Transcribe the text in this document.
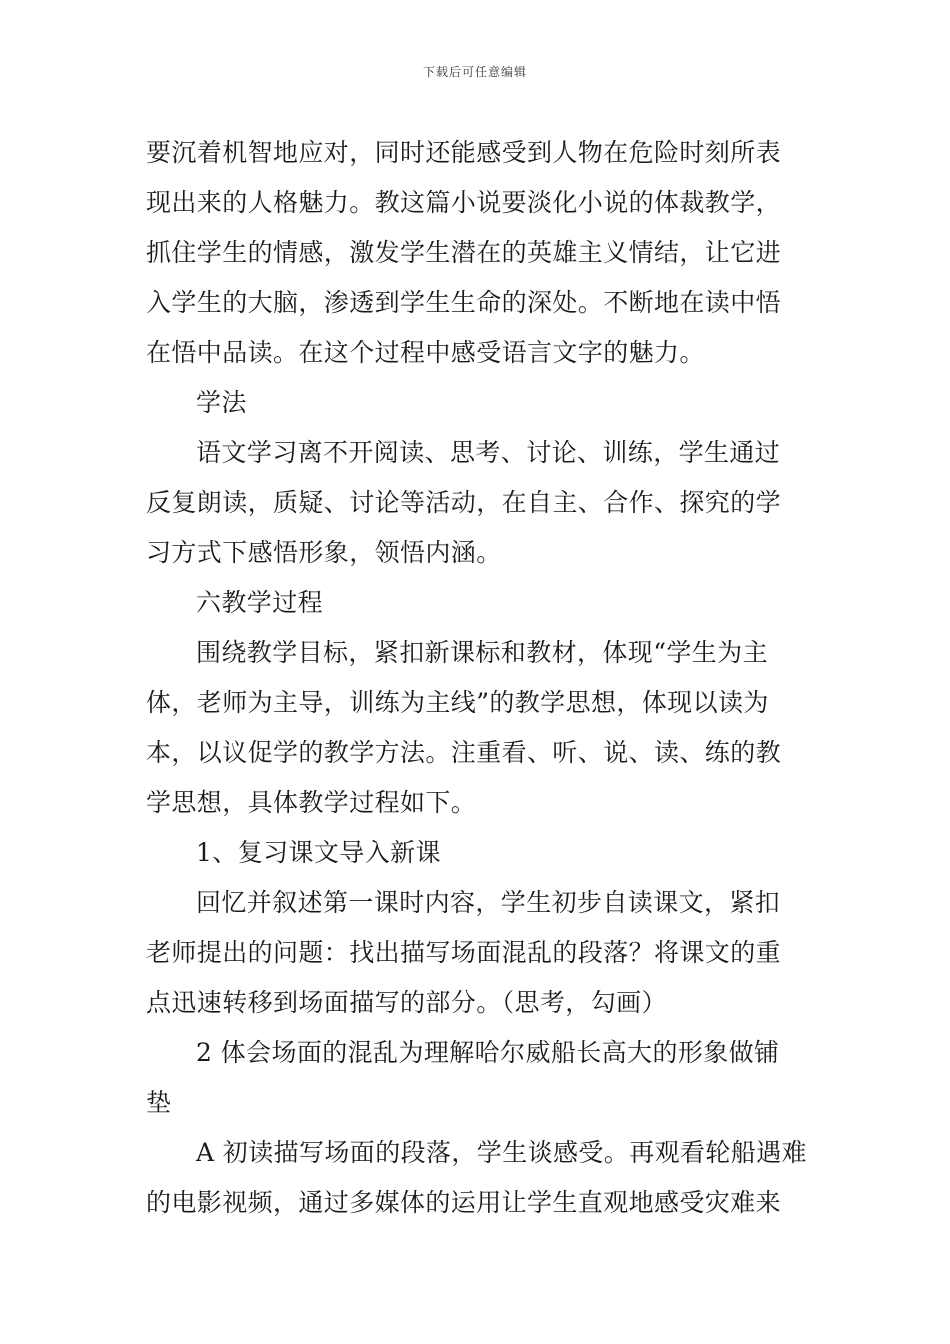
下载后可任意编辑
要沉着机智地应对，同时还能感受到人物在危险时刻所表
现出来的人格魅力。教这篇小说要淡化小说的体裁教学，
抓住学生的情感，激发学生潜在的英雄主义情结，让它进
入学生的大脑，渗透到学生生命的深处。不断地在读中悟
在悟中品读。在这个过程中感受语言文字的魅力。
学法
语文学习离不开阅读、思考、讨论、训练，学生通过
反复朗读，质疑、讨论等活动，在自主、合作、探究的学
习方式下感悟形象，领悟内涵。
六教学过程
围绕教学目标，紧扣新课标和教材，体现“学生为主
体，老师为主导，训练为主线”的教学思想，体现以读为
本，以议促学的教学方法。注重看、听、说、读、练的教
学思想，具体教学过程如下。
1、复习课文导入新课
回忆并叙述第一课时内容，学生初步自读课文，紧扣
老师提出的问题：找出描写场面混乱的段落？将课文的重
点迅速转移到场面描写的部分。（思考，勾画）
2 体会场面的混乱为理解哈尔威船长高大的形象做铺
垫
A 初读描写场面的段落，学生谈感受。再观看轮船遇难
的电影视频，通过多媒体的运用让学生直观地感受灾难来
